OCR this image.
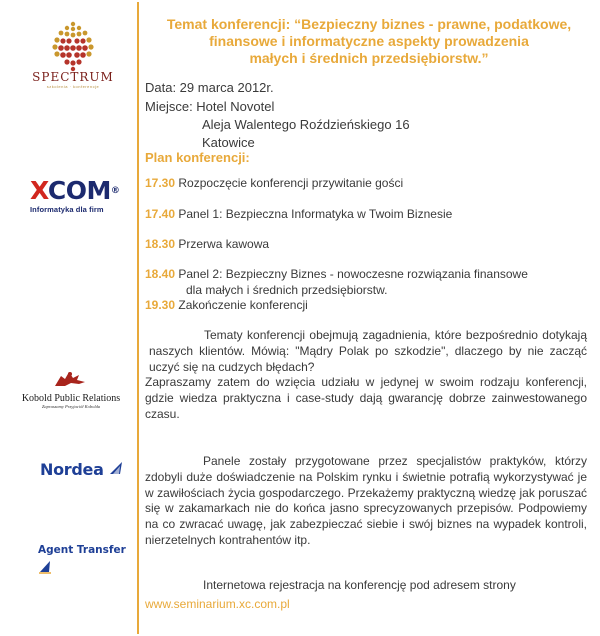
SPECTRUM
szkolenia · konferencje
XCOM®
Informatyka dla firm
Kobold Public Relations
Zapraszamy Przyjaciół Kobolda
Nordea
Agent Transfer
Temat konferencji: “Bezpieczny biznes - prawne, podatkowe,
finansowe i informatyczne aspekty prowadzenia
małych i średnich przedsiębiorstw.”
Data: 29 marca 2012r.
Miejsce: Hotel Novotel
Aleja Walentego Roździeńskiego 16
Katowice
Plan konferencji:
17.30 Rozpoczęcie konferencji przywitanie gości
17.40 Panel 1: Bezpieczna Informatyka w Twoim Biznesie
18.30 Przerwa kawowa
18.40 Panel 2: Bezpieczny Biznes - nowoczesne rozwiązania finansowe
dla małych i średnich przedsiębiorstw.
19.30 Zakończenie konferencji

Tematy konferencji obejmują zagadnienia, które bezpośrednio dotykają naszych klientów. Mówią: "Mądry Polak po szkodzie", dlaczego by nie zacząć uczyć się na cudzych błędach?

Zapraszamy zatem do wzięcia udziału w jedynej w swoim rodzaju konferencji, gdzie wiedza praktyczna i case-study dają gwarancję dobrze zainwestowanego czasu.

Panele zostały przygotowane przez specjalistów praktyków, którzy zdobyli duże doświadczenie na Polskim rynku i świetnie potrafią wykorzystywać je w zawiłościach życia gospodarczego. Przekażemy praktyczną wiedzę jak poruszać się w zakamarkach nie do końca jasno sprecyzowanych przepisów. Podpowiemy na co zwracać uwagę, jak zabezpieczać siebie i swój biznes na wypadek kontroli, nierzetelnych kontrahentów itp.

Internetowa rejestracja na konferencję pod adresem strony
www.seminarium.xc.com.pl
